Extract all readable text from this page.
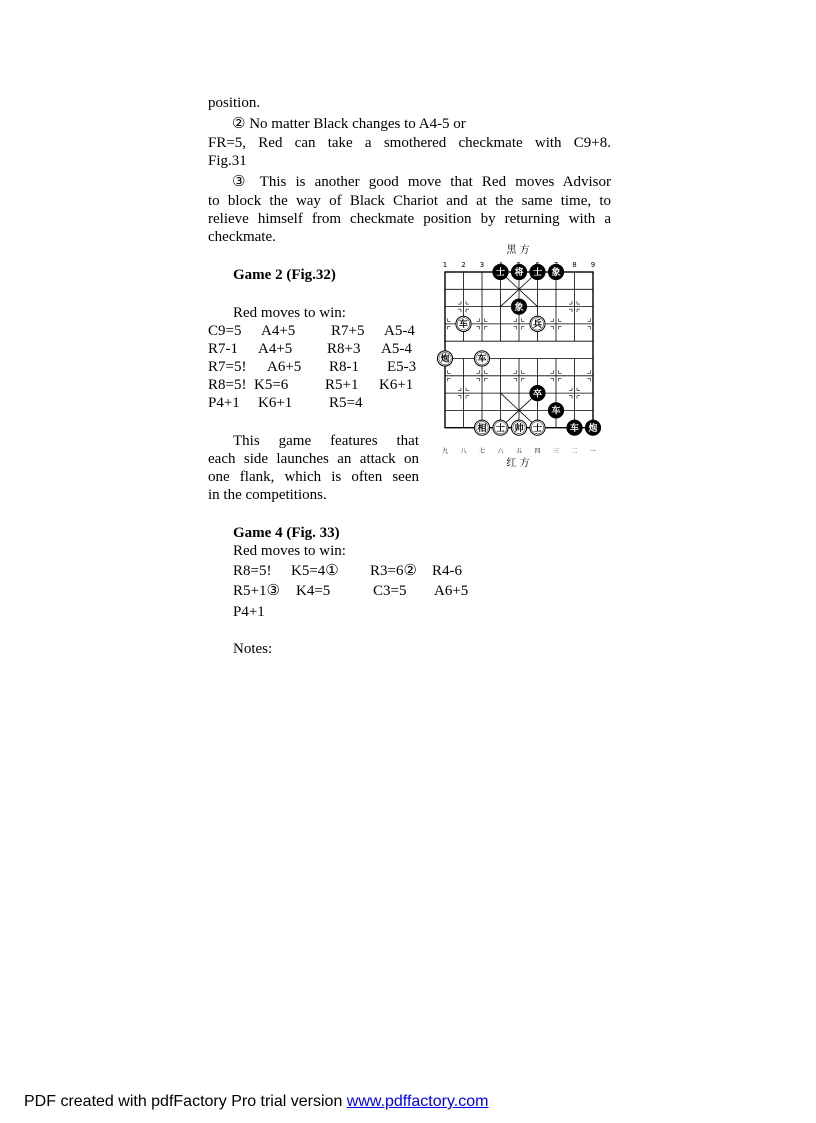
position.
② No matter Black changes to A4-5 or
FR=5, Red can take a smothered checkmate with C9+8.
Fig.31
③ This is another good move that Red moves Advisor
to block the way of Black Chariot and at the same time, to
relieve himself from checkmate position by returning with a
checkmate.
Game 2 (Fig.32)
Red moves to win:
C9=5 A4+5 R7+5 A5-4
R7-1 A4+5 R8+3 A5-4
R7=5! A6+5 R8-1 E5-3
R8=5! K5=6 R5+1 K6+1
P4+1 K6+1 R5=4
This game features that
each side launches an attack on
one flank, which is often seen
in the competitions.
黑 方
红 方
1 2 3	8 9
九 八 七 六 五 四 三 二 一
士 将 士 象
象
车	兵
炮	车
卒
车
相 士 帅 士	车 炮
Game 4 (Fig. 33)
Red moves to win:
R8=5! K5=4① R3=6② R4-6
R5+1③ K4=5	C3=5 A6+5
P4+1
Notes:
PDF created with pdfFactory Pro trial version www.pdffactory.com
